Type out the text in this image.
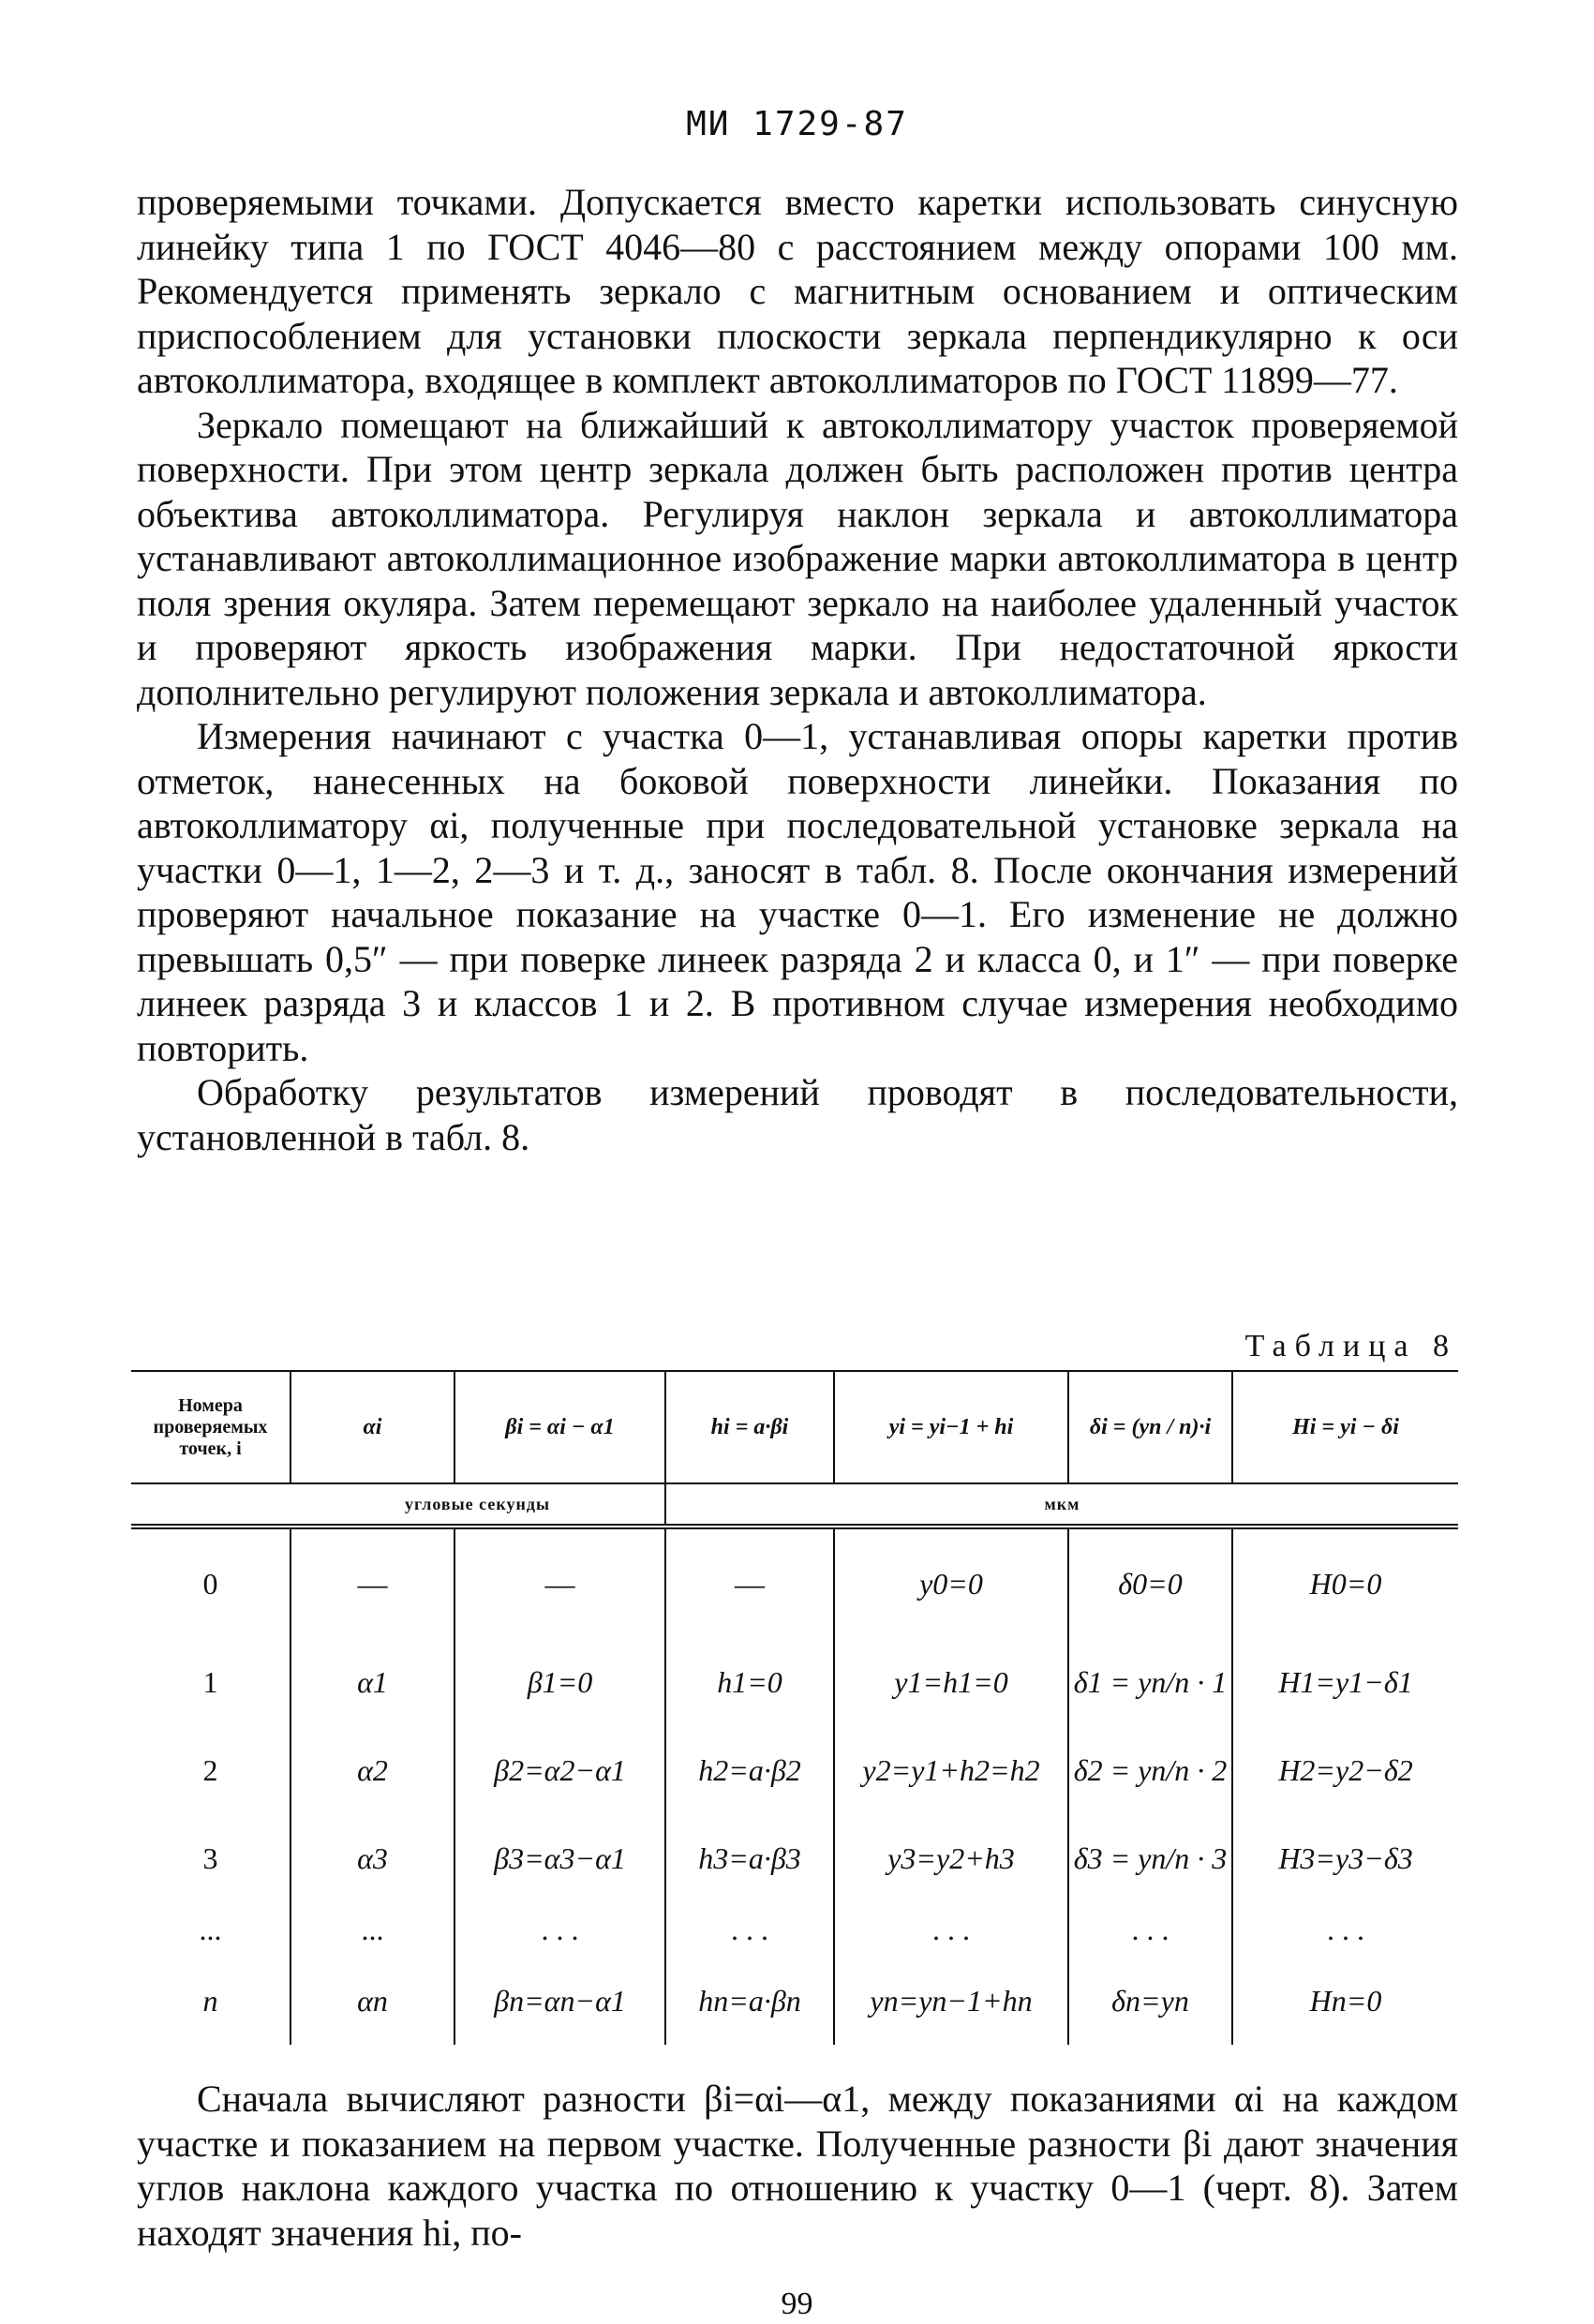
МИ 1729-87

проверяемыми точками. Допускается вместо каретки использовать синусную линейку типа 1 по ГОСТ 4046—80 с расстоянием между опорами 100 мм. Рекомендуется применять зеркало с магнитным основанием и оптическим приспособлением для установки плоскости зеркала перпендикулярно к оси автоколлиматора, входящее в комплект автоколлиматоров по ГОСТ 11899—77.

Зеркало помещают на ближайший к автоколлиматору участок проверяемой поверхности. При этом центр зеркала должен быть расположен против центра объектива автоколлиматора. Регулируя наклон зеркала и автоколлиматора устанавливают автоколлимационное изображение марки автоколлиматора в центр поля зрения окуляра. Затем перемещают зеркало на наиболее удаленный участок и проверяют яркость изображения марки. При недостаточной яркости дополнительно регулируют положения зеркала и автоколлиматора.

Измерения начинают с участка 0—1, устанавливая опоры каретки против отметок, нанесенных на боковой поверхности линейки. Показания по автоколлиматору αi, полученные при последовательной установке зеркала на участки 0—1, 1—2, 2—3 и т. д., заносят в табл. 8. После окончания измерений проверяют начальное показание на участке 0—1. Его изменение не должно превышать 0,5″ — при поверке линеек разряда 2 и класса 0, и 1″ — при поверке линеек разряда 3 и классов 1 и 2. В противном случае измерения необходимо повторить.

Обработку результатов измерений проводят в последовательности, установленной в табл. 8.

Таблица 8
Номера проверяемых точек, i	αi	βi = αi − α1	hi = a·βi	yi = yi−1 + hi	δi = (yn / n)·i	Hi = yi − δi
	угловые секунды		мкм			
0	—	—	—	y0=0	δ0=0	H0=0
1	α1	β1=0	h1=0	y1=h1=0	δ1 = yn/n · 1	H1=y1−δ1
2	α2	β2=α2−α1	h2=a·β2	y2=y1+h2=h2	δ2 = yn/n · 2	H2=y2−δ2
3	α3	β3=α3−α1	h3=a·β3	y3=y2+h3	δ3 = yn/n · 3	H3=y3−δ3
...	...	. . .	. . .	. . .	. . .	. . .
n	αn	βn=αn−α1	hn=a·βn	yn=yn−1+hn	δn=yn	Hn=0

Сначала вычисляют разности βi=αi—α1, между показаниями αi на каждом участке и показанием на первом участке. Полученные разности βi дают значения углов наклона каждого участка по отношению к участку 0—1 (черт. 8). Затем находят значения hi, по-

99
